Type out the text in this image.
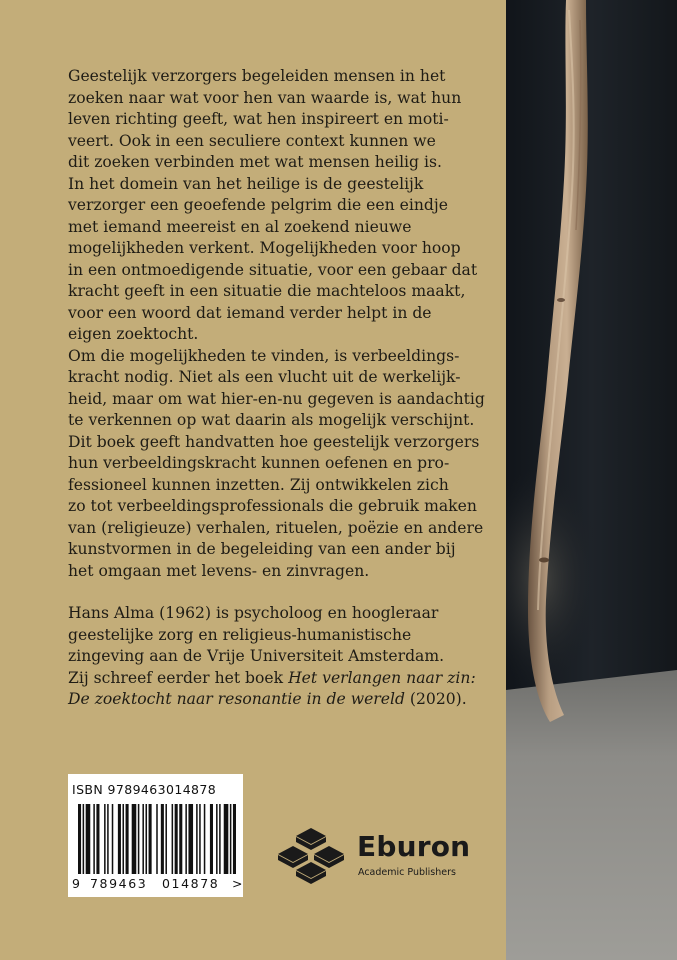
Geestelijk verzorgers begeleiden mensen in het
zoeken naar wat voor hen van waarde is, wat hun
leven richting geeft, wat hen inspireert en moti-
veert. Ook in een seculiere context kunnen we
dit zoeken verbinden met wat mensen heilig is.

In het domein van het heilige is de geestelijk
verzorger een geoefende pelgrim die een eindje
met iemand meereist en al zoekend nieuwe
mogelijkheden verkent. Mogelijkheden voor hoop
in een ontmoedigende situatie, voor een gebaar dat
kracht geeft in een situatie die machteloos maakt,
voor een woord dat iemand verder helpt in de
eigen zoektocht.

Om die mogelijkheden te vinden, is verbeeldings-
kracht nodig. Niet als een vlucht uit de werkelijk-
heid, maar om wat hier-en-nu gegeven is aandachtig
te verkennen op wat daarin als mogelijk verschijnt.
Dit boek geeft handvatten hoe geestelijk verzorgers
hun verbeeldingskracht kunnen oefenen en pro-
fessioneel kunnen inzetten. Zij ontwikkelen zich
zo tot verbeeldingsprofessionals die gebruik maken
van (religieuze) verhalen, rituelen, poëzie en andere
kunstvormen in de begeleiding van een ander bij
het omgaan met levens- en zinvragen.

Hans Alma (1962) is psycholoog en hoogleraar
geestelijke zorg en religieus-humanistische
zingeving aan de Vrije Universiteit Amsterdam.
Zij schreef eerder het boek Het verlangen naar zin:
De zoektocht naar resonantie in de wereld (2020).

ISBN 9789463014878
9 789463 014878 >
Eburon
Academic Publishers
